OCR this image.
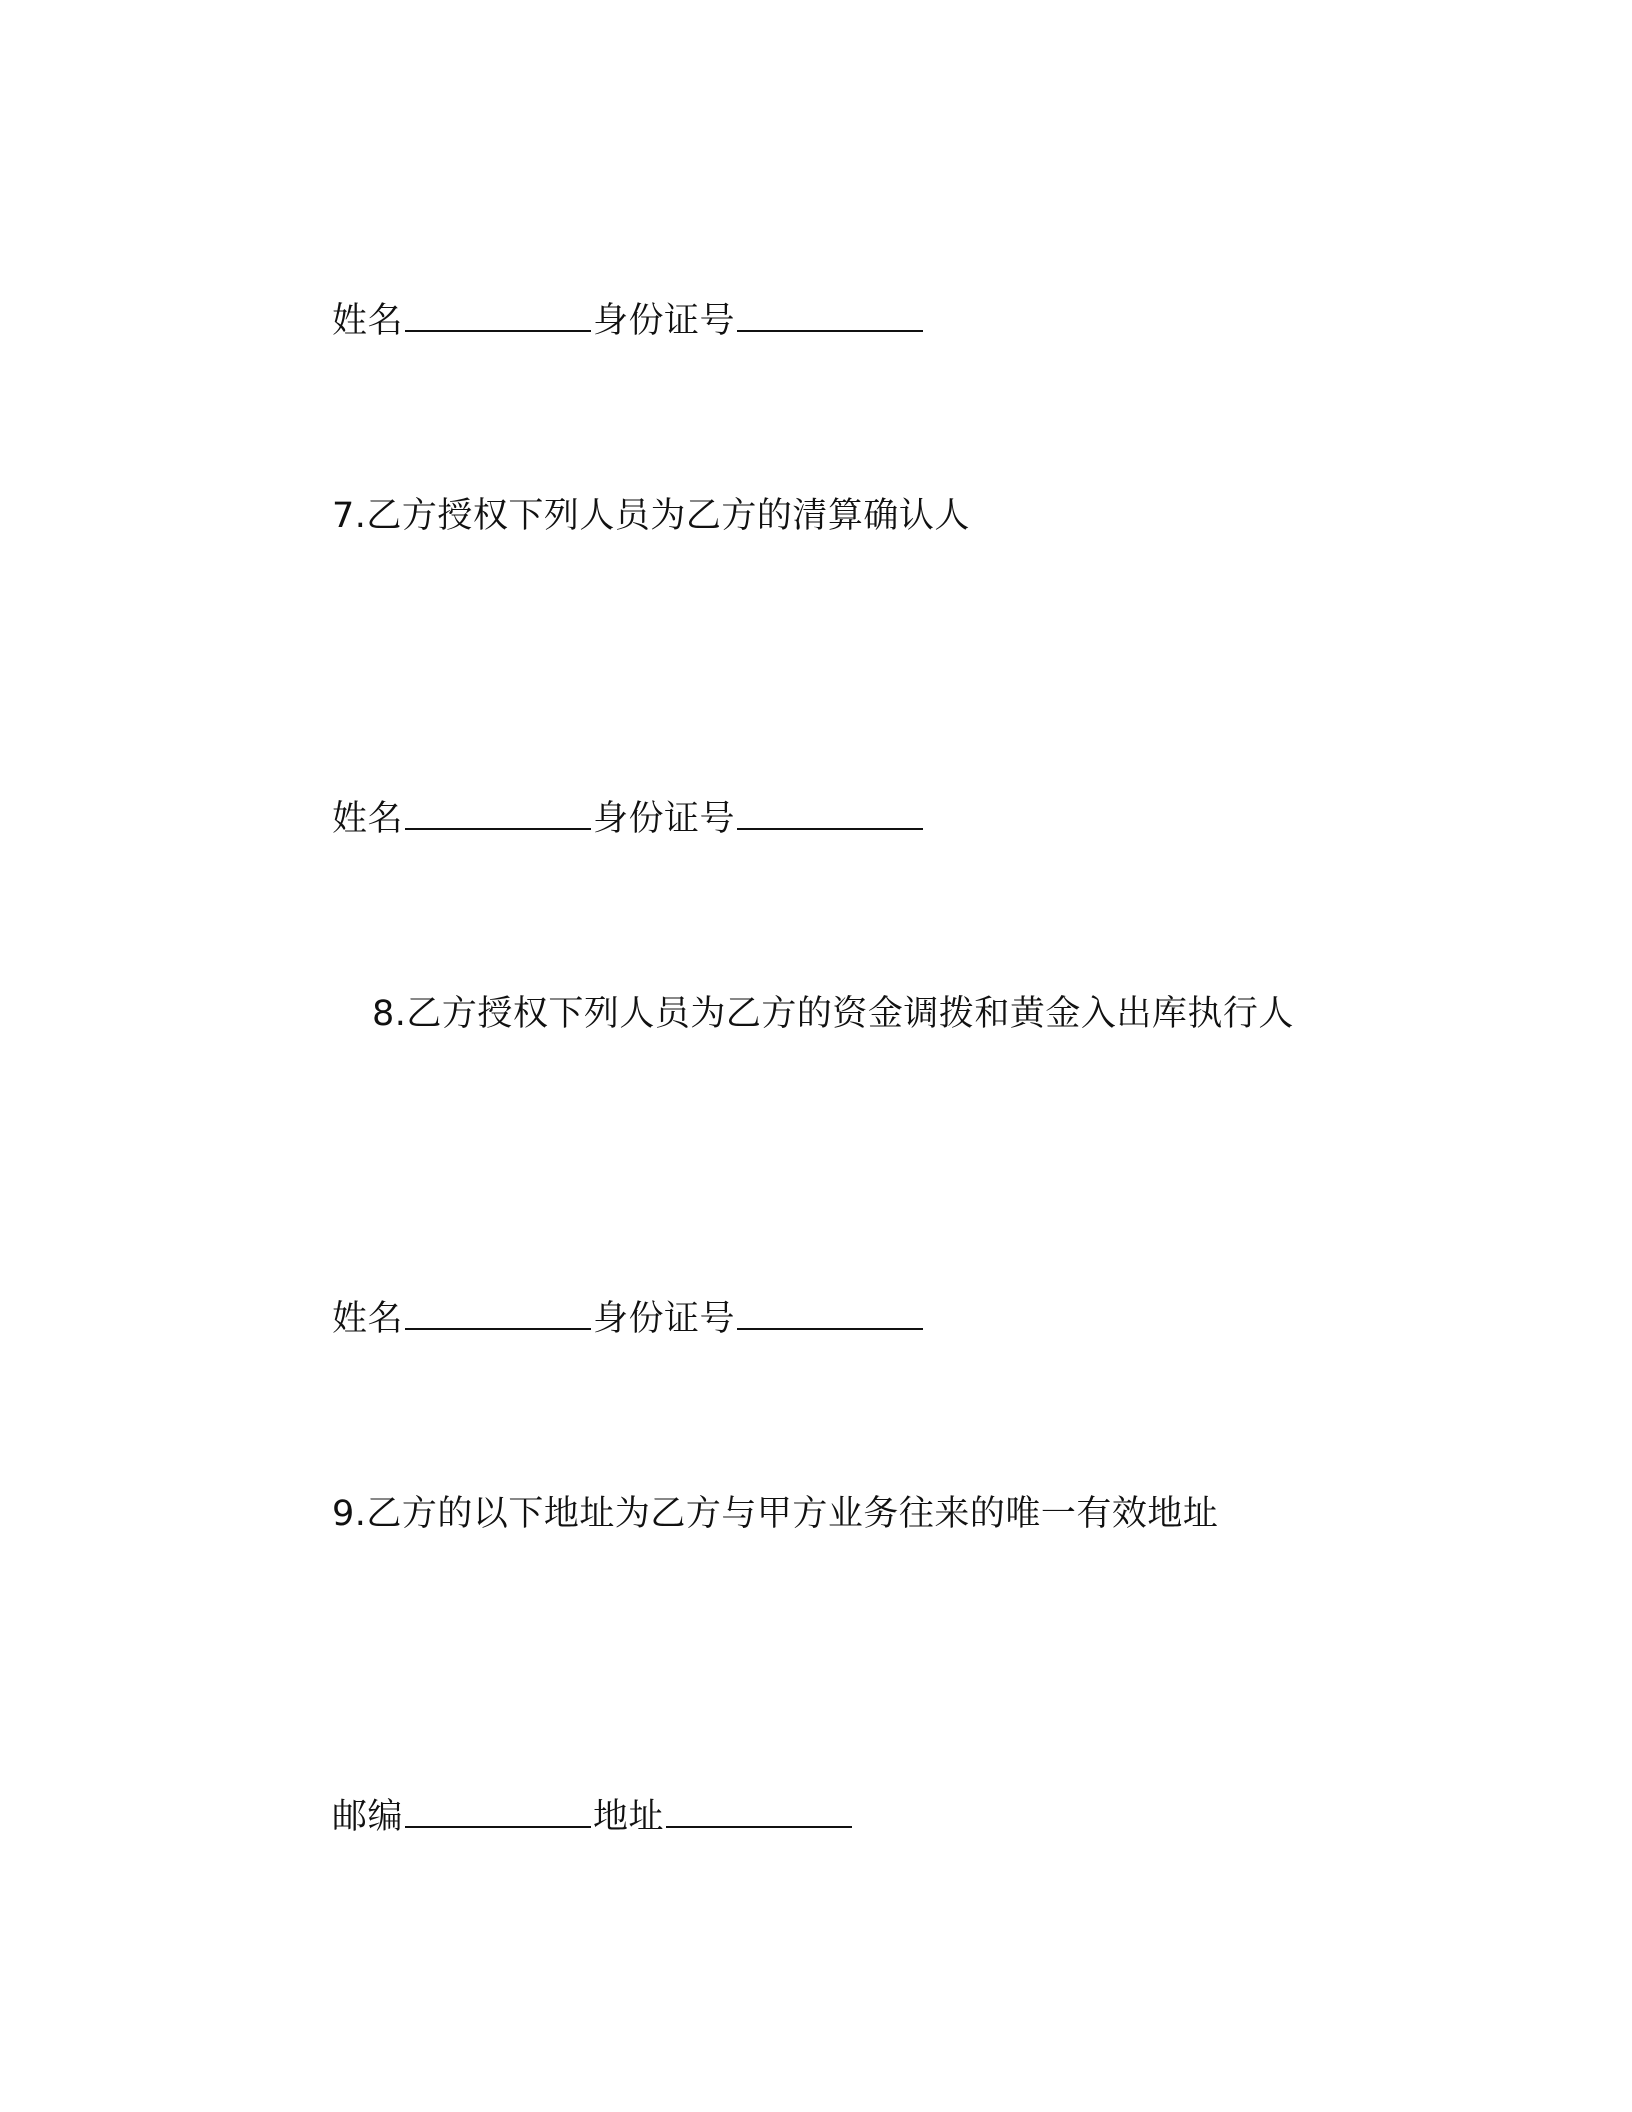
姓名	身份证号
7.乙方授权下列人员为乙方的清算确认人
姓名	身份证号
8.乙方授权下列人员为乙方的资金调拨和黄金入出库执行人
姓名	身份证号
9.乙方的以下地址为乙方与甲方业务往来的唯一有效地址
邮编	地址
